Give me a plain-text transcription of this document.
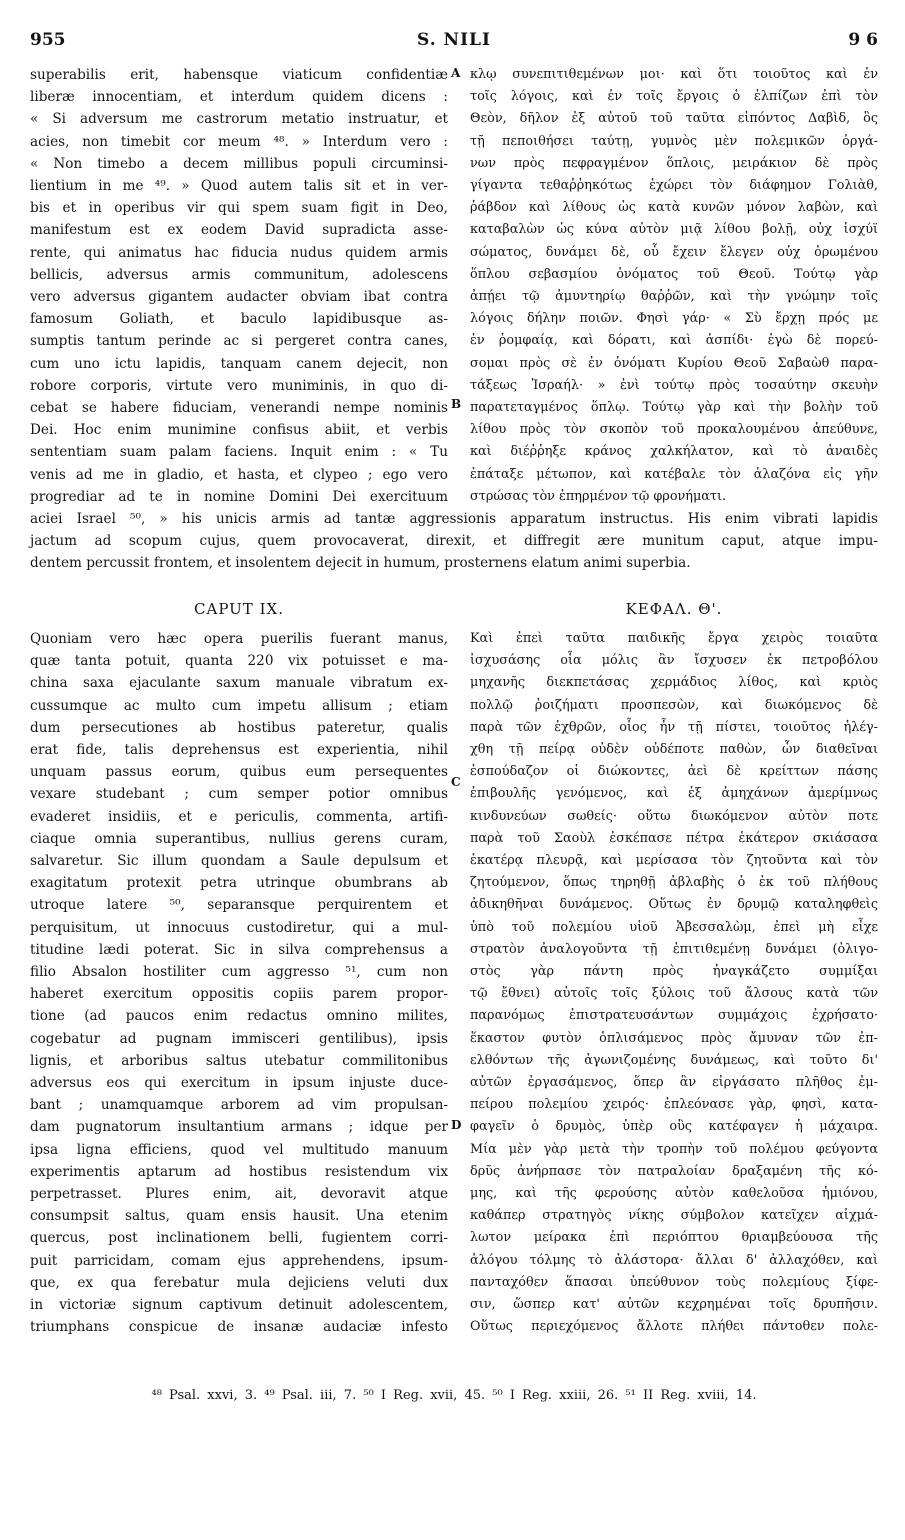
955	S. NILI	9 6

superabilis erit, habensque viaticum confidentiæ

liberæ innocentiam, et interdum quidem dicens :

« Si adversum me castrorum metatio instruatur, et

acies, non timebit cor meum ⁴⁸. » Interdum vero :

« Non timebo a decem millibus populi circuminsi-

lientium in me ⁴⁹. » Quod autem talis sit et in ver-

bis et in operibus vir qui spem suam figit in Deo,

manifestum est ex eodem David supradicta asse-

rente, qui animatus hac fiducia nudus quidem armis

bellicis, adversus armis communitum, adolescens

vero adversus gigantem audacter obviam ibat contra

famosum Goliath, et baculo lapidibusque as-

sumptis tantum perinde ac si pergeret contra canes,

cum uno ictu lapidis, tanquam canem dejecit, non

robore corporis, virtute vero muniminis, in quo di-

cebat se habere fiduciam, venerandi nempe nominis

Dei. Hoc enim munimine confisus abiit, et verbis

sententiam suam palam faciens. Inquit enim : « Tu

venis ad me in gladio, et hasta, et clypeo ; ego vero

progrediar ad te in nomine Domini Dei exercituum

κλῳ συνεπιτιθεμένων μοι· καὶ ὅτι τοιοῦτος καὶ ἐν

τοῖς λόγοις, καὶ ἐν τοῖς ἔργοις ὁ ἐλπίζων ἐπὶ τὸν

Θεὸν, δῆλον ἐξ αὐτοῦ τοῦ ταῦτα εἰπόντος Δαβὶδ, ὃς

τῇ πεποιθήσει ταύτῃ, γυμνὸς μὲν πολεμικῶν ὀργά-

νων πρὸς πεφραγμένον ὅπλοις, μειράκιον δὲ πρὸς

γίγαντα τεθαῤῥηκότως ἐχώρει τὸν διάφημον Γολιὰθ,

ῥάβδον καὶ λίθους ὡς κατὰ κυνῶν μόνον λαβὼν, καὶ

καταβαλὼν ὡς κύνα αὐτὸν μιᾷ λίθου βολῇ, οὐχ ἰσχύϊ

σώματος, δυνάμει δὲ, οὗ ἔχειν ἔλεγεν οὐχ ὁρωμένου

ὅπλου σεβασμίου ὀνόματος τοῦ Θεοῦ. Τούτῳ γὰρ

ἀπῄει τῷ ἀμυντηρίῳ θαῤῥῶν, καὶ τὴν γνώμην τοῖς

λόγοις δήλην ποιῶν. Φησὶ γάρ· « Σὺ ἔρχῃ πρός με

ἐν ῥομφαίᾳ, καὶ δόρατι, καὶ ἀσπίδι· ἐγὼ δὲ πορεύ-

σομαι πρὸς σὲ ἐν ὀνόματι Κυρίου Θεοῦ Σαβαὼθ παρα-

τάξεως Ἰσραήλ· » ἐνὶ τούτῳ πρὸς τοσαύτην σκευὴν

παρατεταγμένος ὅπλῳ. Τούτῳ γὰρ καὶ τὴν βολὴν τοῦ

λίθου πρὸς τὸν σκοπὸν τοῦ προκαλουμένου ἀπεύθυνε,

καὶ διέῤῥηξε κράνος χαλκήλατον, καὶ τὸ ἀναιδὲς

ἐπάταξε μέτωπον, καὶ κατέβαλε τὸν ἀλαζόνα εἰς γῆν

στρώσας τὸν ἐπηρμένον τῷ φρονήματι.

aciei Israel ⁵⁰, » his unicis armis ad tantæ aggressionis apparatum instructus. His enim vibrati lapidis

jactum ad scopum cujus, quem provocaverat, direxit, et diffregit ære munitum caput, atque impu-

dentem percussit frontem, et insolentem dejecit in humum, prosternens elatum animi superbia.

CAPUT IX.	ΚΕΦΑΛ. Θ'.

Quoniam vero hæc opera puerilis fuerant manus,

quæ tanta potuit, quanta 220 vix potuisset e ma-

china saxa ejaculante saxum manuale vibratum ex-

cussumque ac multo cum impetu allisum ; etiam

dum persecutiones ab hostibus pateretur, qualis

erat fide, talis deprehensus est experientia, nihil

unquam passus eorum, quibus eum persequentes

vexare studebant ; cum semper potior omnibus

evaderet insidiis, et e periculis, commenta, artifi-

ciaque omnia superantibus, nullius gerens curam,

salvaretur. Sic illum quondam a Saule depulsum et

exagitatum protexit petra utrinque obumbrans ab

utroque latere ⁵⁰, separansque perquirentem et

perquisitum, ut innocuus custodiretur, qui a mul-

titudine lædi poterat. Sic in silva comprehensus a

filio Absalon hostiliter cum aggresso ⁵¹, cum non

haberet exercitum oppositis copiis parem propor-

tione (ad paucos enim redactus omnino milites,

cogebatur ad pugnam immisceri gentilibus), ipsis

lignis, et arboribus saltus utebatur commilitonibus

adversus eos qui exercitum in ipsum injuste duce-

bant ; unamquamque arborem ad vim propulsan-

dam pugnatorum insultantium armans ; idque per

ipsa ligna efficiens, quod vel multitudo manuum

experimentis aptarum ad hostibus resistendum vix

perpetrasset. Plures enim, ait, devoravit atque

consumpsit saltus, quam ensis hausit. Una etenim

quercus, post inclinationem belli, fugientem corri-

puit parricidam, comam ejus apprehendens, ipsum-

que, ex qua ferebatur mula dejiciens veluti dux

in victoriæ signum captivum detinuit adolescentem,

triumphans conspicue de insanæ audaciæ infesto

Καὶ ἐπεὶ ταῦτα παιδικῆς ἔργα χειρὸς τοιαῦτα

ἰσχυσάσης οἷα μόλις ἂν ἴσχυσεν ἐκ πετροβόλου

μηχανῆς διεκπετάσας χερμάδιος λίθος, καὶ κριὸς

πολλῷ ῥοιζήματι προσπεσὼν, καὶ διωκόμενος δὲ

παρὰ τῶν ἐχθρῶν, οἷος ἦν τῇ πίστει, τοιοῦτος ἠλέγ-

χθη τῇ πείρᾳ οὐδὲν οὐδέποτε παθὼν, ὧν διαθεῖναι

ἐσπούδαζον οἱ διώκοντες, ἀεὶ δὲ κρείττων πάσης

ἐπιβουλῆς γενόμενος, καὶ ἐξ ἀμηχάνων ἀμερίμνως

κινδυνεύων σωθείς· οὕτω διωκόμενον αὐτὸν ποτε

παρὰ τοῦ Σαοὺλ ἐσκέπασε πέτρα ἑκάτερον σκιάσασα

ἑκατέρᾳ πλευρᾷ, καὶ μερίσασα τὸν ζητοῦντα καὶ τὸν

ζητούμενον, ὅπως τηρηθῇ ἀβλαβὴς ὁ ἐκ τοῦ πλήθους

ἀδικηθῆναι δυνάμενος. Οὕτως ἐν δρυμῷ καταληφθεὶς

ὑπὸ τοῦ πολεμίου υἱοῦ Ἀβεσσαλὼμ, ἐπεὶ μὴ εἶχε

στρατὸν ἀναλογοῦντα τῇ ἐπιτιθεμένῃ δυνάμει (ὀλιγο-

στὸς γὰρ πάντη πρὸς ἠναγκάζετο συμμίξαι

τῷ ἔθνει) αὐτοῖς τοῖς ξύλοις τοῦ ἄλσους κατὰ τῶν

παρανόμως ἐπιστρατευσάντων συμμάχοις ἐχρήσατο·

ἕκαστον φυτὸν ὁπλισάμενος πρὸς ἄμυναν τῶν ἐπ-

ελθόντων τῆς ἀγωνιζομένης δυνάμεως, καὶ τοῦτο δι'

αὐτῶν ἐργασάμενος, ὅπερ ἂν εἰργάσατο πλῆθος ἐμ-

πείρου πολεμίου χειρός· ἐπλεόνασε γὰρ, φησὶ, κατα-

φαγεῖν ὁ δρυμὸς, ὑπὲρ οὓς κατέφαγεν ἡ μάχαιρα.

Μία μὲν γὰρ μετὰ τὴν τροπὴν τοῦ πολέμου φεύγοντα

δρῦς ἀνήρπασε τὸν πατραλοίαν δραξαμένη τῆς κό-

μης, καὶ τῆς φερούσης αὐτὸν καθελοῦσα ἡμιόνου,

καθάπερ στρατηγὸς νίκης σύμβολον κατεῖχεν αἰχμά-

λωτον μείρακα ἐπὶ περιόπτου θριαμβεύουσα τῆς

ἀλόγου τόλμης τὸ ἀλάστορα· ἄλλαι δ' ἀλλαχόθεν, καὶ

πανταχόθεν ἅπασαι ὑπεύθυνον τοὺς πολεμίους ξίφε-

σιν, ὥσπερ κατ' αὐτῶν κεχρημέναι τοῖς δρυπῆσιν.

Οὕτως περιεχόμενος ἄλλοτε πλήθει πάντοθεν πολε-

A
B
C
D
⁴⁸ Psal. xxvi, 3. ⁴⁹ Psal. iii, 7. ⁵⁰ I Reg. xvii, 45. ⁵⁰ I Reg. xxiii, 26. ⁵¹ II Reg. xviii, 14.
